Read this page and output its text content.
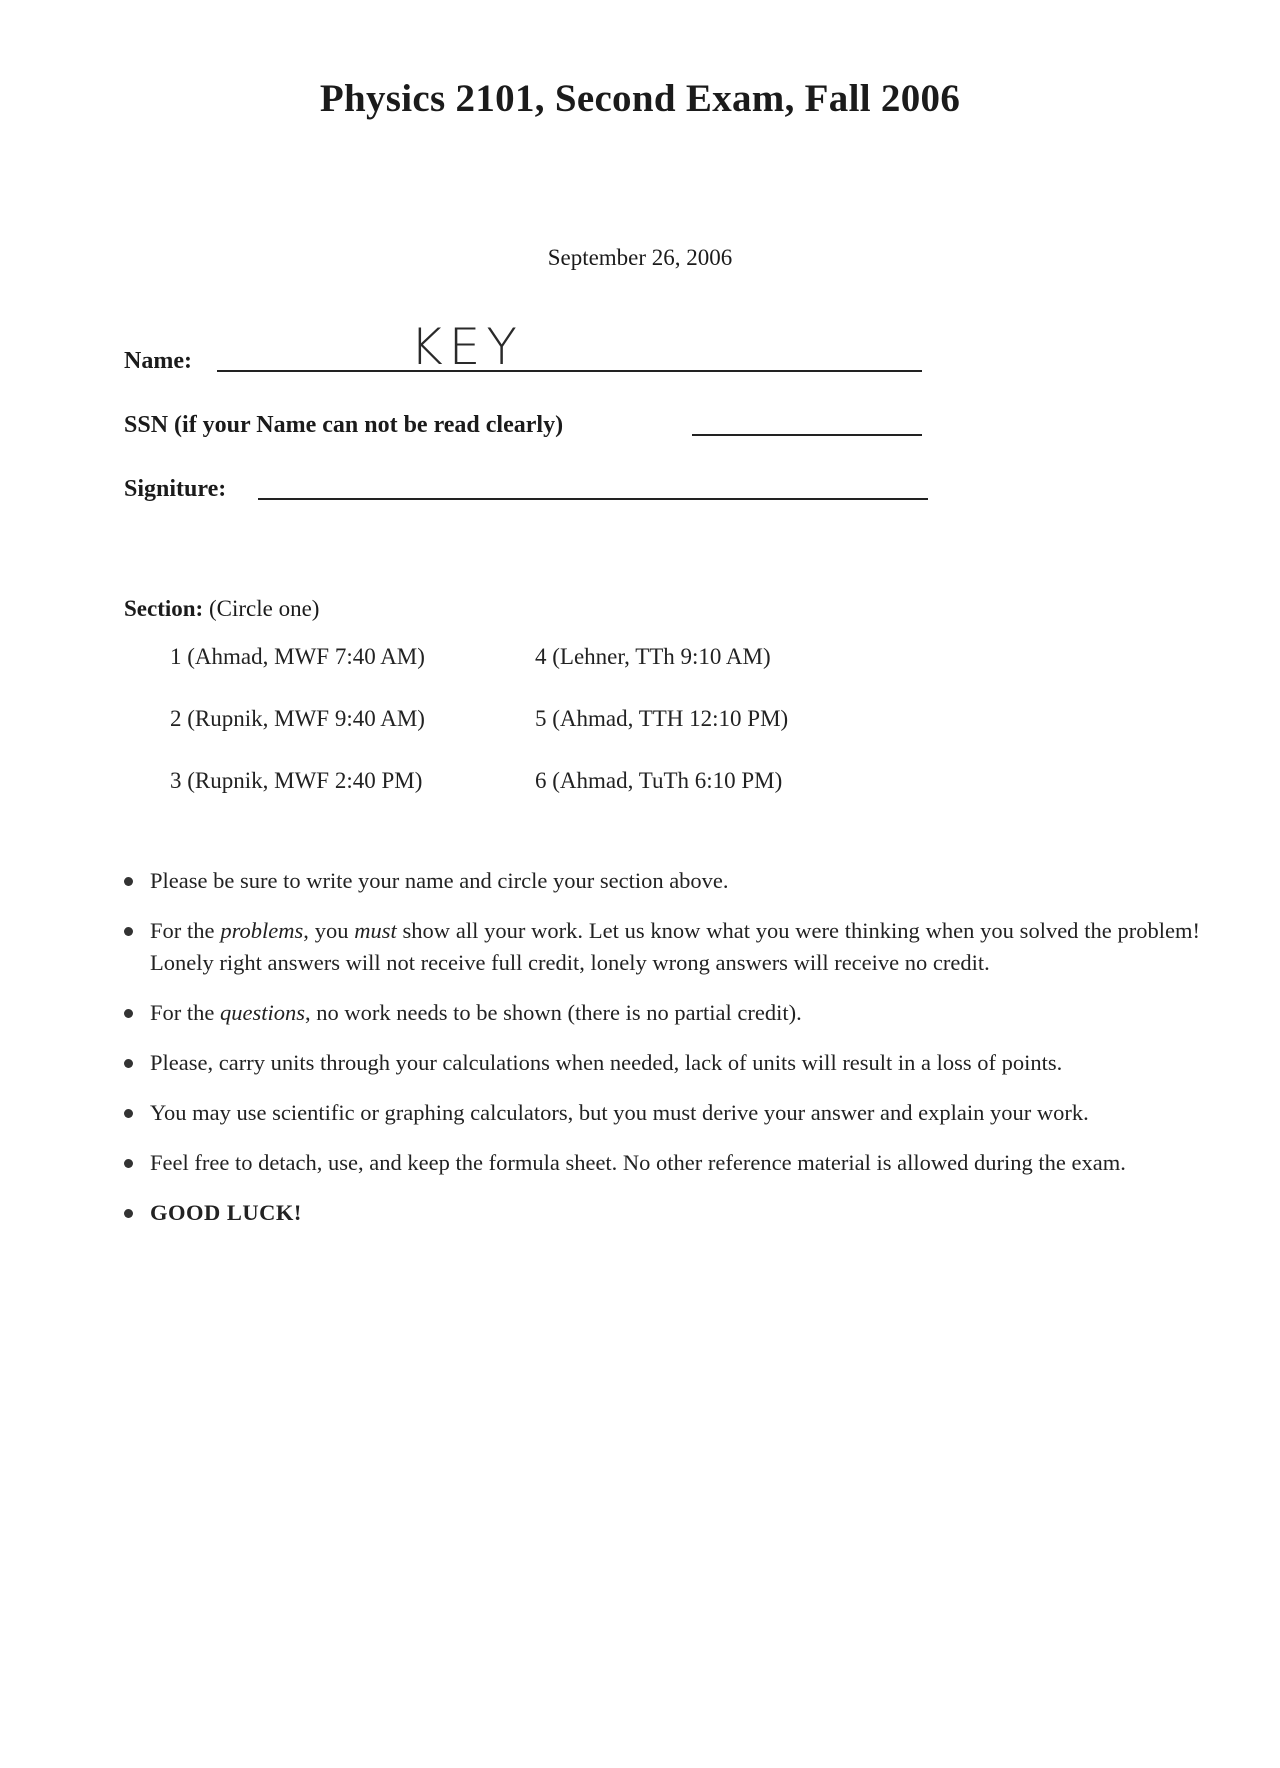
Physics 2101, Second Exam, Fall 2006
September 26, 2006
Name:	KEY
SSN (if your Name can not be read clearly)
Signiture:
Section: (Circle one)
1 (Ahmad, MWF 7:40 AM)	4 (Lehner, TTh 9:10 AM)
2 (Rupnik, MWF 9:40 AM)	5 (Ahmad, TTH 12:10 PM)
3 (Rupnik, MWF 2:40 PM)	6 (Ahmad, TuTh 6:10 PM)
Please be sure to write your name and circle your section above.
For the problems, you must show all your work. Let us know what you were thinking when you solved the problem! Lonely right answers will not receive full credit, lonely wrong answers will receive no credit.
For the questions, no work needs to be shown (there is no partial credit).
Please, carry units through your calculations when needed, lack of units will result in a loss of points.
You may use scientific or graphing calculators, but you must derive your answer and explain your work.
Feel free to detach, use, and keep the formula sheet. No other reference material is allowed during the exam.
GOOD LUCK!
